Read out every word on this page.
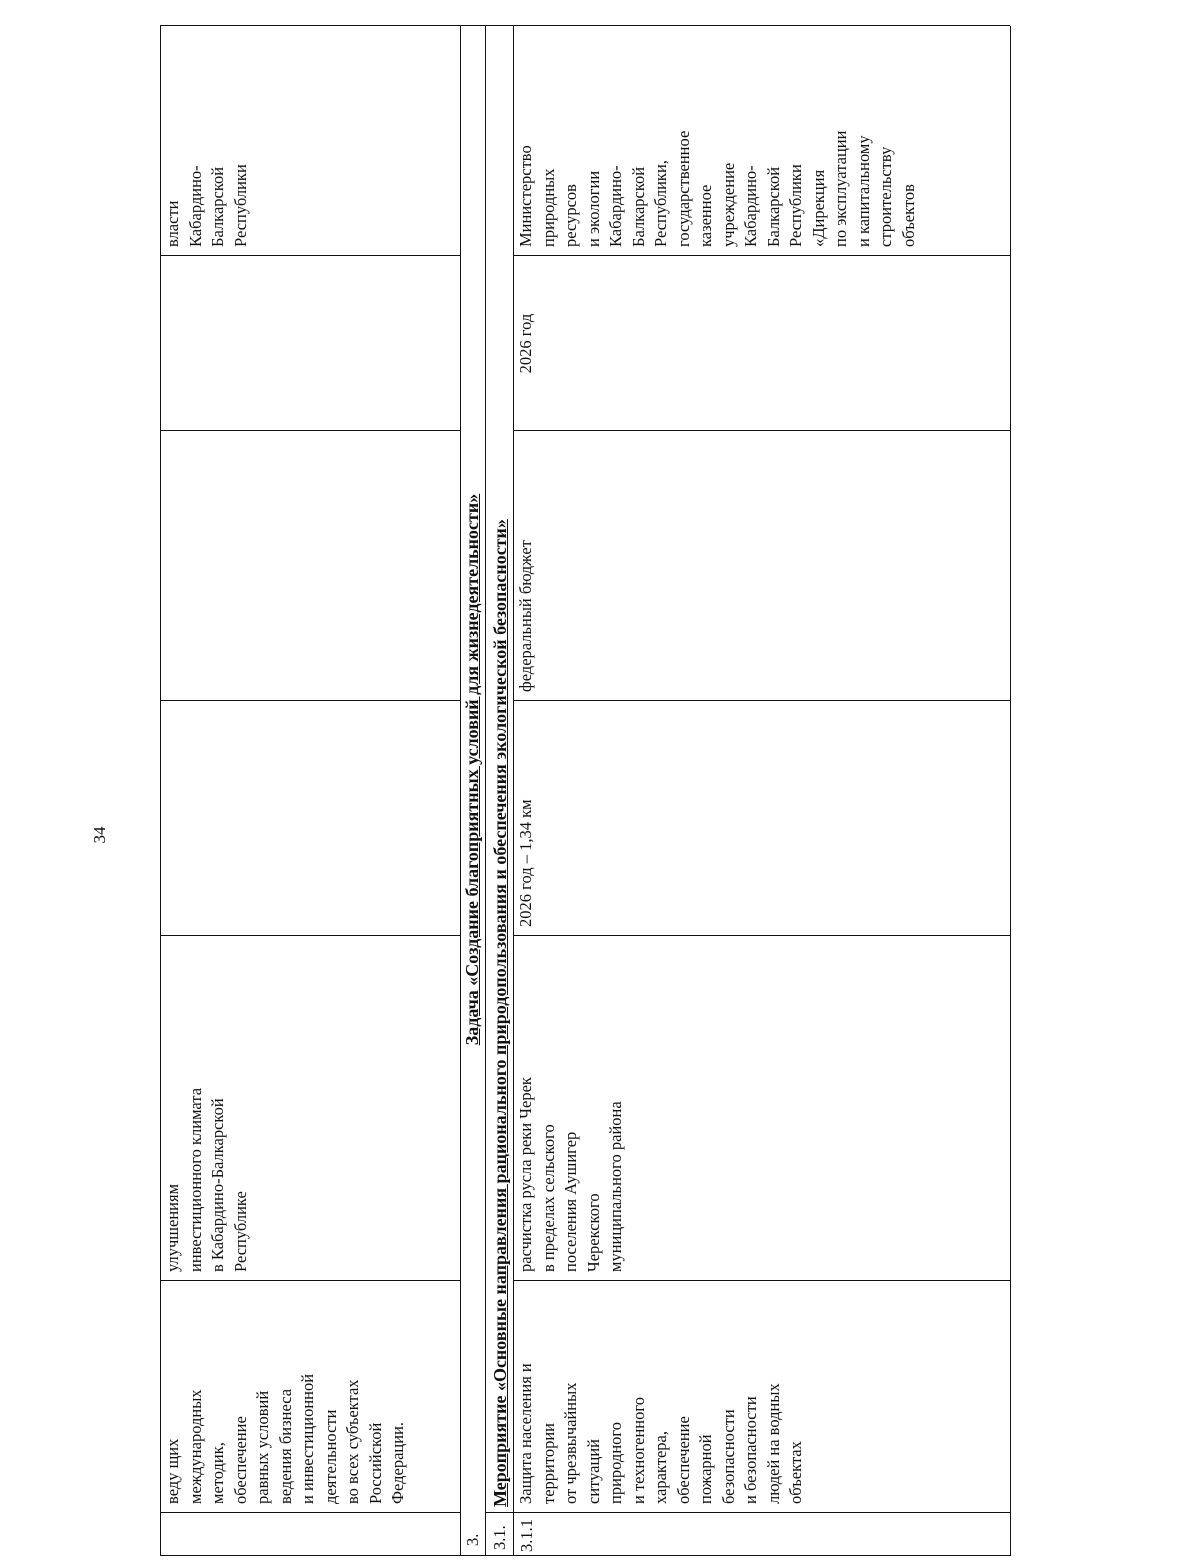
34
веду щих международных методик, обеспечение равных условий ведения бизнеса и инвестиционной деятельности во всех субъектах Российской Федерации.
улучшениям инвестиционного климата в Кабардино-Балкарской Республике
власти Кабардино- Балкарской Республики
3.
Задача «Создание благоприятных условий для жизнедеятельности»
3.1.
Мероприятие «Основные направления рационального природопользования и обеспечения экологической безопасности»
3.1.1
Защита населения и территории от чрезвычайных ситуаций природного и техногенного характера, обеспечение пожарной безопасности и безопасности людей на водных объектах
расчистка русла реки Черек в пределах сельского поселения Аушигер Черекского муниципального района
2026 год – 1,34 км
федеральный бюджет
2026 год
Министерство природных ресурсов и экологии Кабардино- Балкарской Республики, государственное казенное учреждение Кабардино- Балкарской Республики «Дирекция по эксплуатации и капитальному строительству объектов
